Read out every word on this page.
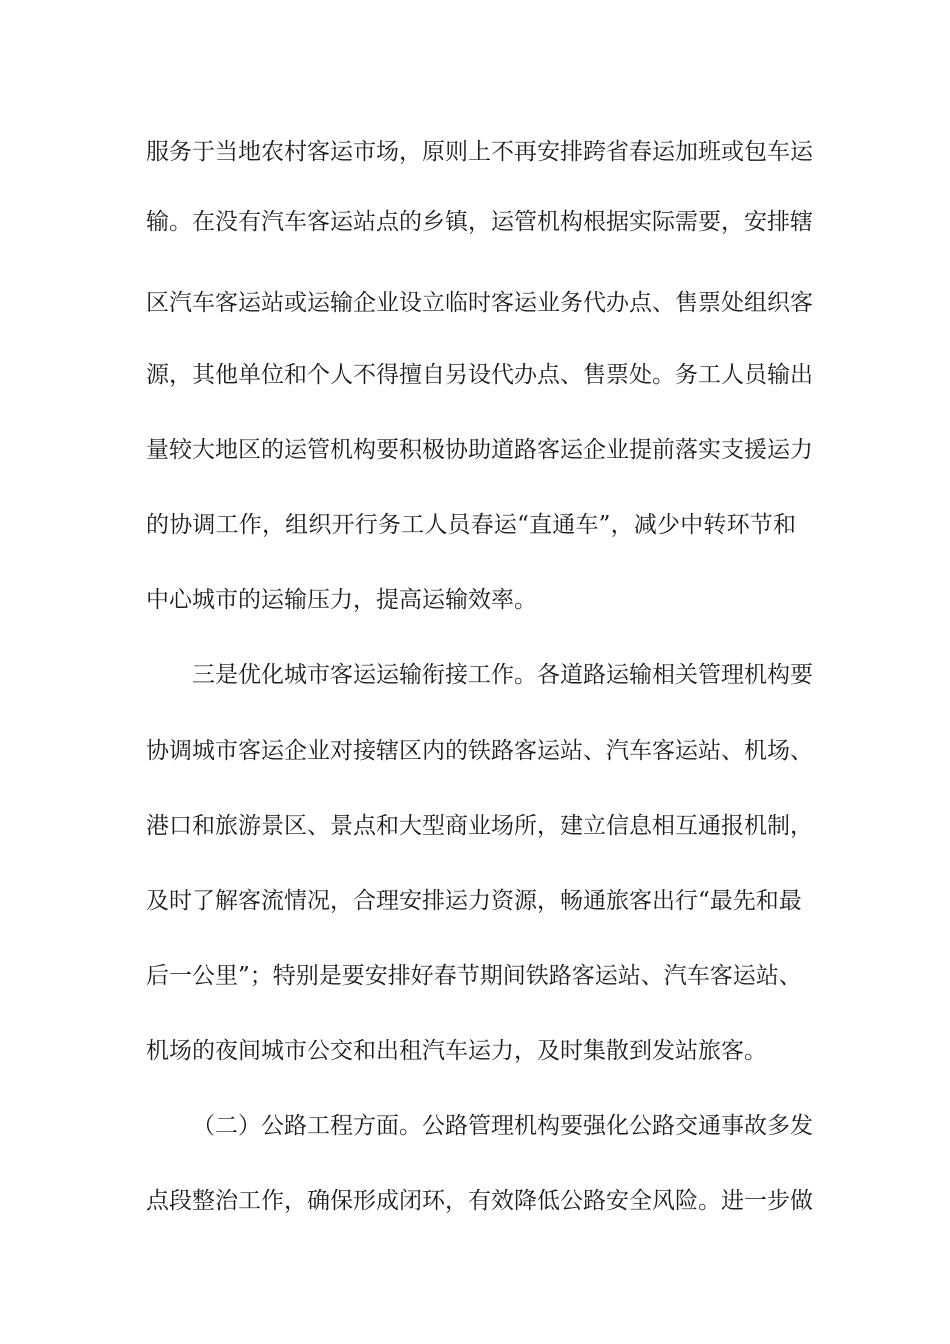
服务于当地农村客运市场，原则上不再安排跨省春运加班或包车运
输。在没有汽车客运站点的乡镇，运管机构根据实际需要，安排辖
区汽车客运站或运输企业设立临时客运业务代办点、售票处组织客
源，其他单位和个人不得擅自另设代办点、售票处。务工人员输出
量较大地区的运管机构要积极协助道路客运企业提前落实支援运力
的协调工作，组织开行务工人员春运“直通车”，减少中转环节和
中心城市的运输压力，提高运输效率。
三是优化城市客运运输衔接工作。各道路运输相关管理机构要
协调城市客运企业对接辖区内的铁路客运站、汽车客运站、机场、
港口和旅游景区、景点和大型商业场所，建立信息相互通报机制，
及时了解客流情况，合理安排运力资源，畅通旅客出行“最先和最
后一公里”；特别是要安排好春节期间铁路客运站、汽车客运站、
机场的夜间城市公交和出租汽车运力，及时集散到发站旅客。
（二）公路工程方面。公路管理机构要强化公路交通事故多发
点段整治工作，确保形成闭环，有效降低公路安全风险。进一步做
